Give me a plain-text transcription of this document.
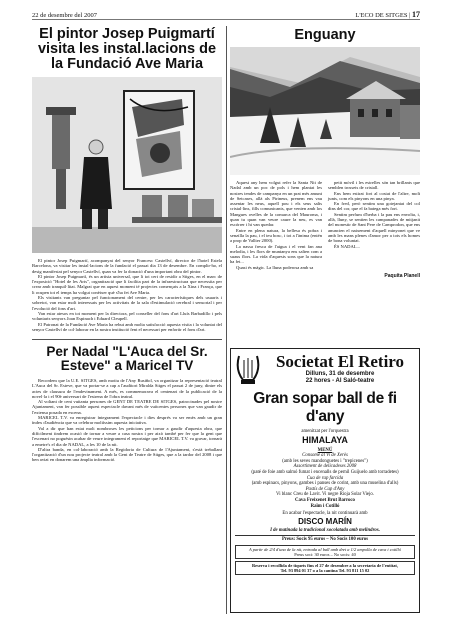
22 de desembre del 2007	L'ECO DE SITGES | 17
El pintor Josep Puigmartí
visita les instal.lacions de
la Fundació Ave Maria

El pintor Josep Puigmartí, acompanyat del senyor Francesc Castellví, director de l'hotel Estela Barcelona, va visitar les instal·lacions de la fundació el passat dia 13 de desembre. En complir-ho, el desig manifestat pel senyor Castellví, quan va fer la donació d'una important obra del pintor.

El pintor Josep Puigmartí, és un artista universal, que li tot cert de residir a Sitges, en el marc de l'exposició "Hotel de les Arts", organització que li facilita part de la infraestructura que necessita per crear amb tranquil·litat. Malgrat que en aquest moment té projectes començats a la Xina i França, que li ocupen tot el temps ha volgut conèixer què s'ha fet Ave Maria.

Els visitants van preguntar pel funcionament del centre, per les característiques dels usuaris i sobretot, van estar molt interessats per les activitats de la sala d'estimulació cerebral i sensorial i per l'evolució del fons d'art.

Van estar atesos en tot moment per la directora, pel conseller del fons d'art Lluís Barbadillo i pels voluntaris senyors Joan Espinach i Eduard Cleupell.

El Patronat de la Fundació Ave Maria ha rebut amb molta satisfacció aquesta visita i la voluntat del senyor Castellví de col·laborar en la nostra institució fent el necessari per enfortir el fons d'art.

Per Nadal "L'Auca del Sr.
Esteve" a Maricel TV

Recordem que la U.E. SITGES, amb motiu de l'Any Rusiñol, va organitzar la representació teatral L'Auca del Sr. Esteve, que va portar-se a cap a l'auditori Miralda Sitges el passat 2 de juny, dintre els actes de clausura de l'endevinament. A més, es commemorava el centenari de la publicació de la novel·la i el 90è aniversari de l'estrena de l'obra teatral.

Al voltant de cent vuitanta persones de GENT DE TEATRE DE SITGES, patrocinades pel nostre Ajuntament, van fer possible aquest espectacle davant més de vuitcentes persones que van gaudir de l'extensa posada en escena.

MARICEL T.V. va enregistrar íntegrament l'espectacle i dies després va ser emès amb un gran índex d'audiència que va celebrar moltíssim aquesta iniciativa.

Val a dir que han estat molt nombroses les peticions per tornar a gaudir d'aquesta obra, que difícilment tindrem ocasió de tornar a veure a casa nostra i per això també per fer que la gent que l'escenari no poguésin acabar de veure integrament el reportatge que MARICEL T.V. va gravar, tornarà a emetre's el dia de NADAL, a les 10 de la nit.

D'altra banda, en col·laboració amb la Regidoria de Cultura de l'Ajuntament, s'està treballant l'organització d'un nou projecte teatral amb la Gent de Teatre de Sitges, que a la tardor del 2008 i que ben aviat en donarem una àmplia informació.

Enguany

Aquest any hem volgut refer la Santa Nit de Nadal amb un poc de pols i hem plantat les nostres tendes de campanya en un prat més amunt de Setcases, allà als Pirineus, prenem ens vau assentar les neus, aquell pou i els seus salts cristal·lins, fills comunicants, que venien amb los Mangues ovelles de la comarca del Mauroma, i quan tu quan van veure caure la neu, es van escórrer i hi van quedar.

Entre en plena natura, la bellesa és pobra i senzilla la pau, i el teu bosc, i tot a l'ànima (entén a prop de Vallter 2000).

La nassa fresca de l'aigua i el vent fan ana melodia, i les flors de muntanya ens salten com a suaus flors. La vida d'aquests sons que la natura ha fet...

Quasi és màgic. La lluna poderosa amb sa

petit mòvil i les estrelles són tan brillants que semblen trossets de cristall.

Ens hem estirat fort al costat de l'altre, molt junts, com els pinyons en una pinya.

En fred, però sentim una gotejantat del col dins del cor, que el fa batega més fort.

Sentim perfum d'herba i la pau ens envolta, i, allà, lluny, se sentien les campanades de mitjanit del monestir de Sant Pere de Camprodon, que ens anuncien el naixement d'aquell minyonet que ve amb les mans plenes d'amor per a tots els homes de bona voluntat.

ÉS NADAL...

Paquita Planell
Societat El Retiro
Dilluns, 31 de desembre
22 hores - Al Saló-teatre
Gran sopar ball de fi d'any
amenitzat per l'orquestra
HIMALAYA
MENÚ
Consomé al Vi de Xerès
(amb les seves mandonguetes i "trepicenes")
Assortiment de delicadeses 2008
(paté de foie amb salmó fumat i encenalls de pernil Guijuelo amb torradetes)
Cua de rap farcida
(amb espinacs, pinyons, gambes i panses de corint, amb una muselina d'alls)
Pastís de Cap d'Any
Vi blanc Creu de Lavit. Vi negre Rioja Solar Viejo.
Cava Freixenet Brut Barroco
Raïm i Cotilló
En acabar l'espectacle, la nit continuarà amb
DISCO MARÍN
I de matinada la tradicional xocolatada amb melindros.
Preus: Socis 95 euros – No Socis 100 euros
A partir de 2/4 d'una de la nit, entrada al ball amb dret a 1/2 ampolla de cava i cotilló
Preus soci: 30 euros – No socis: 40
Reserva i recollida de tiquets fins el 27 de desembre a la secretaria de l'entitat,
Tel. 93 894 01 37 o a la cantina Tel. 93 811 15 02
